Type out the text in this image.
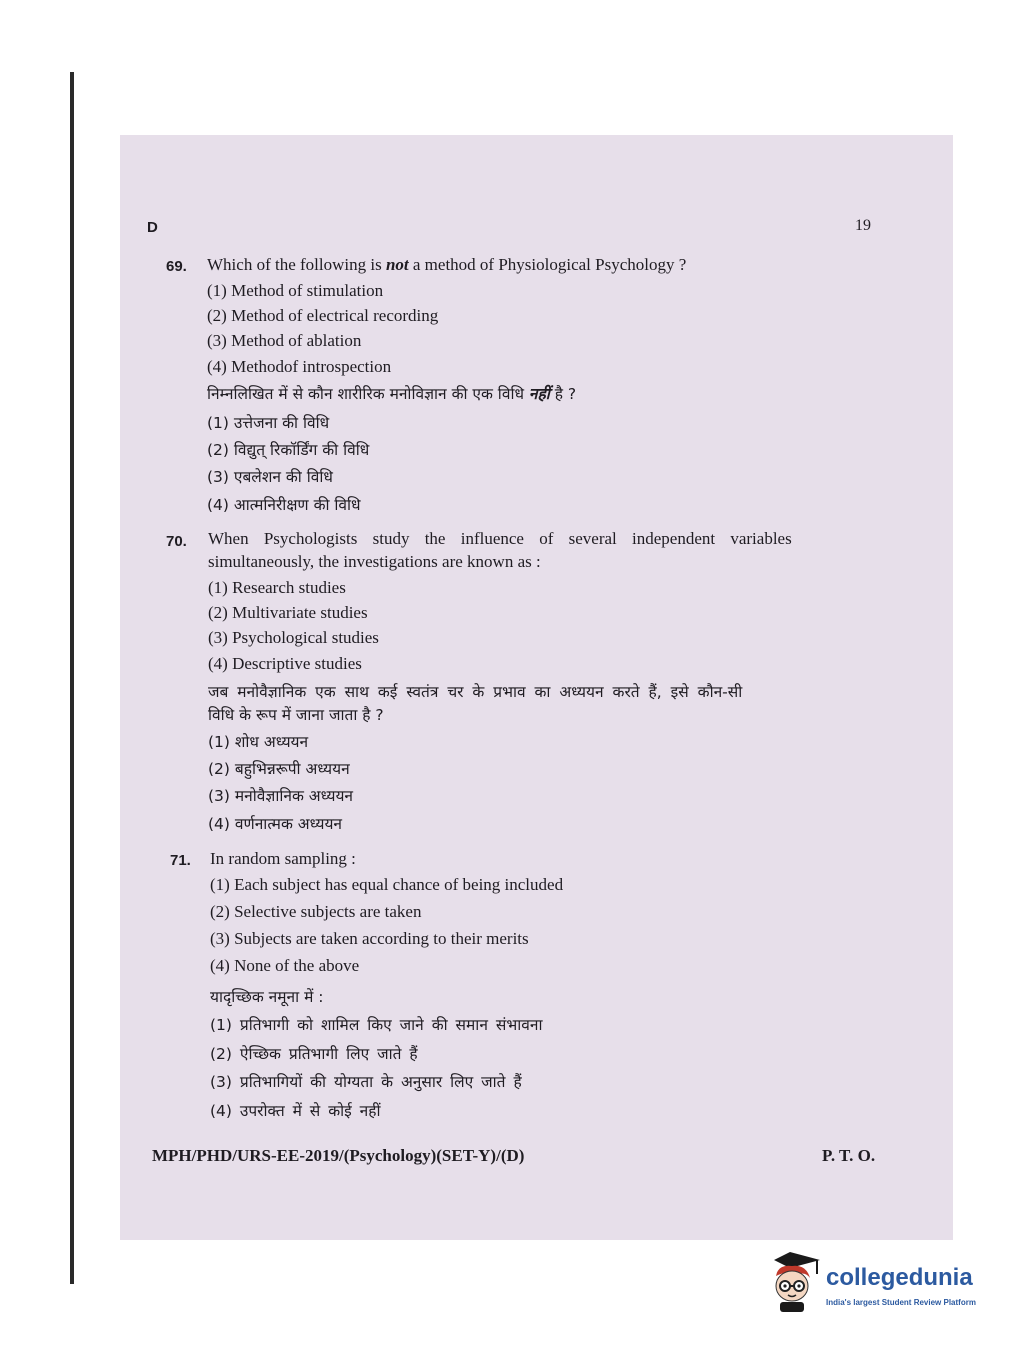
D	19
69. Which of the following is not a method of Physiological Psychology ?
(1) Method of stimulation
(2) Method of electrical recording
(3) Method of ablation
(4) Methodof introspection
निम्नलिखित में से कौन शारीरिक मनोविज्ञान की एक विधि नहीं है ?
(1) उत्तेजना की विधि
(2) विद्युत् रिकॉर्डिंग की विधि
(3) एबलेशन की विधि
(4) आत्मनिरीक्षण की विधि
70. When Psychologists study the influence of several independent variables
simultaneously, the investigations are known as :
(1) Research studies
(2) Multivariate studies
(3) Psychological studies
(4) Descriptive studies
जब मनोवैज्ञानिक एक साथ कई स्वतंत्र चर के प्रभाव का अध्ययन करते हैं, इसे कौन-सी
विधि के रूप में जाना जाता है ?
(1) शोध अध्ययन
(2) बहुभिन्नरूपी अध्ययन
(3) मनोवैज्ञानिक अध्ययन
(4) वर्णनात्मक अध्ययन
71. In random sampling :
(1) Each subject has equal chance of being included
(2) Selective subjects are taken
(3) Subjects are taken according to their merits
(4) None of the above
यादृच्छिक नमूना में :
(1) प्रतिभागी को शामिल किए जाने की समान संभावना
(2) ऐच्छिक प्रतिभागी लिए जाते हैं
(3) प्रतिभागियों की योग्यता के अनुसार लिए जाते हैं
(4) उपरोक्त में से कोई नहीं
MPH/PHD/URS-EE-2019/(Psychology)(SET-Y)/(D)	P. T. O.
collegedunia
India's largest Student Review Platform
